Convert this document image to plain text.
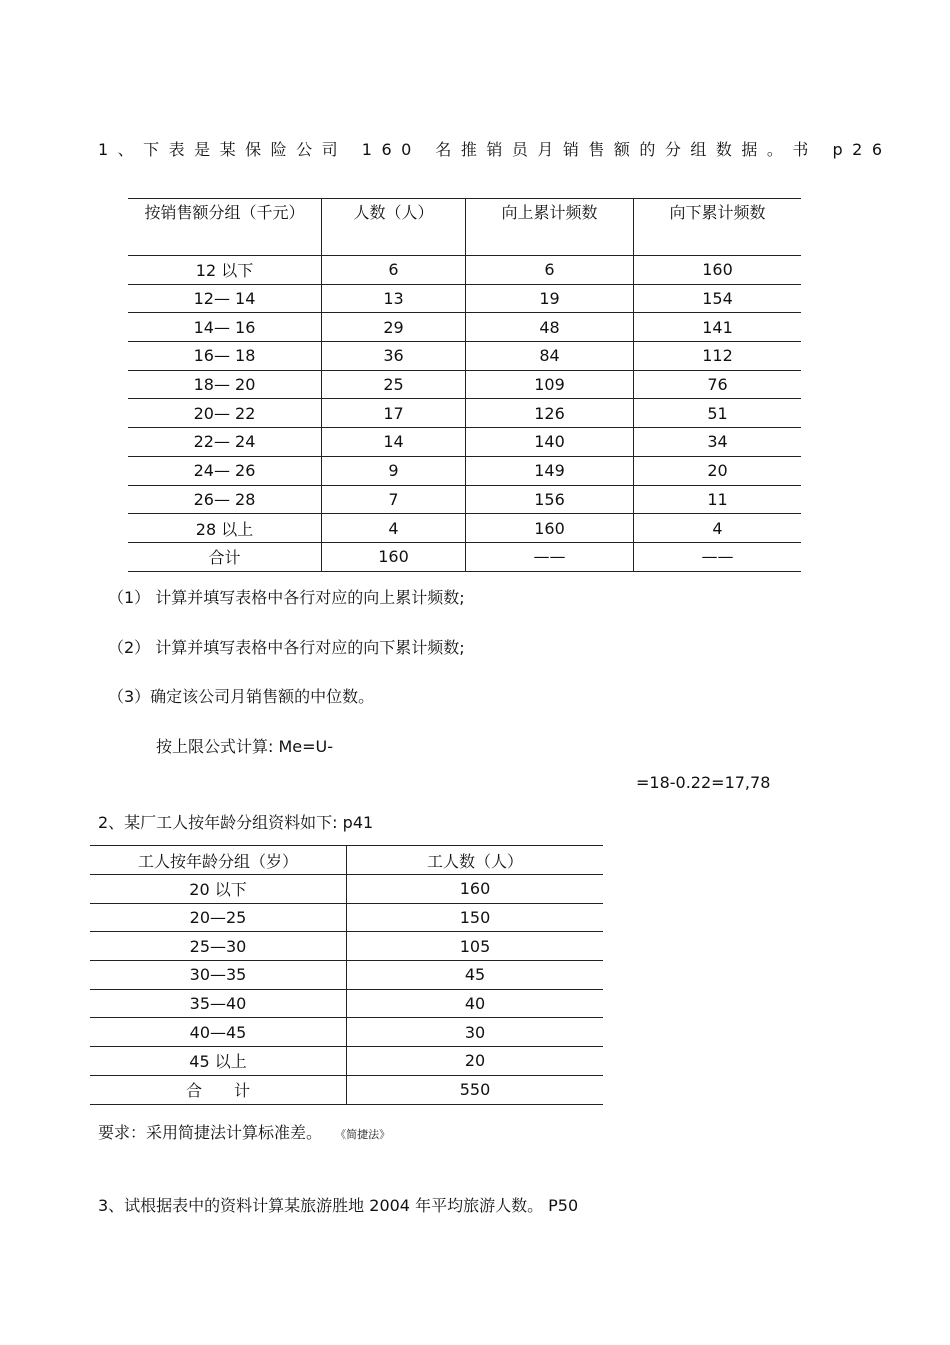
1、下表是某保险公司 160 名推销员月销售额的分组数据。书 p26
按销售额分组（千元）	人数（人）	向上累计频数	向下累计频数
12 以下	6	6	160
12— 14	13	19	154
14— 16	29	48	141
16— 18	36	84	112
18— 20	25	109	76
20— 22	17	126	51
22— 24	14	140	34
24— 26	9	149	20
26— 28	7	156	11
28 以上	4	160	4
合计	160	——	——
（1） 计算并填写表格中各行对应的向上累计频数;
（2） 计算并填写表格中各行对应的向下累计频数;
（3）确定该公司月销售额的中位数。
按上限公式计算: Me=U-
=18-0.22=17,78
2、某厂工人按年龄分组资料如下: p41
工人按年龄分组（岁）	工人数（人）
20 以下	160
20—25	150
25—30	105
30—35	45
35—40	40
40—45	30
45 以上	20
合　　计	550
要求：采用简捷法计算标准差。 《简捷法》
3、试根据表中的资料计算某旅游胜地 2004 年平均旅游人数。 P50
